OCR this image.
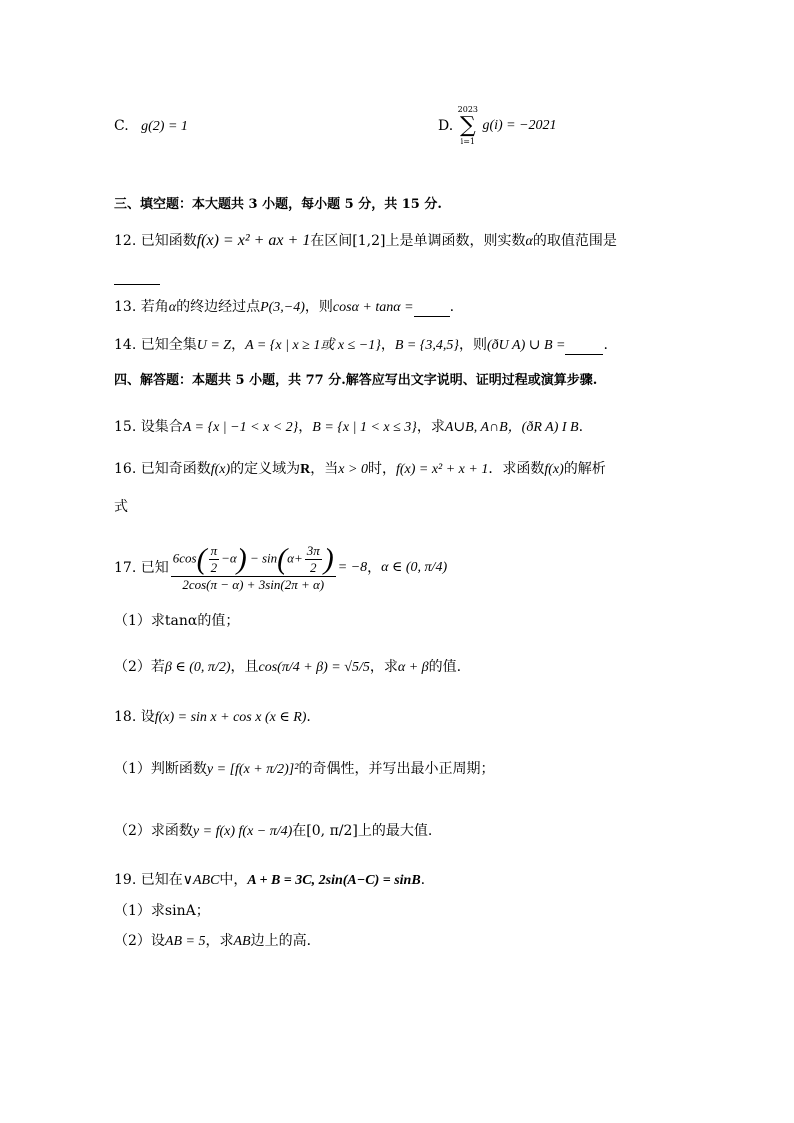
C. g(2) = 1	D.
2023
∑
i=1
g(i) = −2021
三、填空题：本大题共 3 小题，每小题 5 分，共 15 分.
12. 已知函数f(x) = x² + ax + 1在区间[1,2]上是单调函数，则实数α的取值范围是

13. 若角α的终边经过点P(3,−4)，则cosα + tanα =	.
14. 已知全集U = Z，A = {x | x ≥ 1或 x ≤ −1}，B = {3,4,5}，则(ðU A) ∪ B =	.
四、解答题：本题共 5 小题，共 77 分.解答应写出文字说明、证明过程或演算步骤.
15. 设集合A = {x | −1 < x < 2}，B = {x | 1 < x ≤ 3}，求A∪B, A∩B，(ðR A) I B.
16. 已知奇函数f(x)的定义域为R，当x > 0时，f(x) = x² + x + 1．求函数f(x)的解析
式
17.
已知 $\frac{6\cos( \frac{\pi}{2} -\alpha) - \sin(\alpha+ \frac{3\pi}{2} )}{2\cos(\pi - \alpha) + 3\sin(2\pi + \alpha)} = -8$ ， α ∈ (0, π/4)
（1）求tanα的值；
（2）若β ∈ (0, π/2)，且cos(π/4 + β) = √5/5，求α + β的值.
18. 设f(x) = sin x + cos x (x ∈ R).
（1）判断函数y = [f(x + π/2)]²的奇偶性，并写出最小正周期；
（2）求函数y = f(x) f(x − π/4)在[0, π/2]上的最大值.
19. 已知在∨ABC中，A + B = 3C, 2sin(A−C) = sinB.
（1）求sinA；
（2）设AB = 5，求AB边上的高．
